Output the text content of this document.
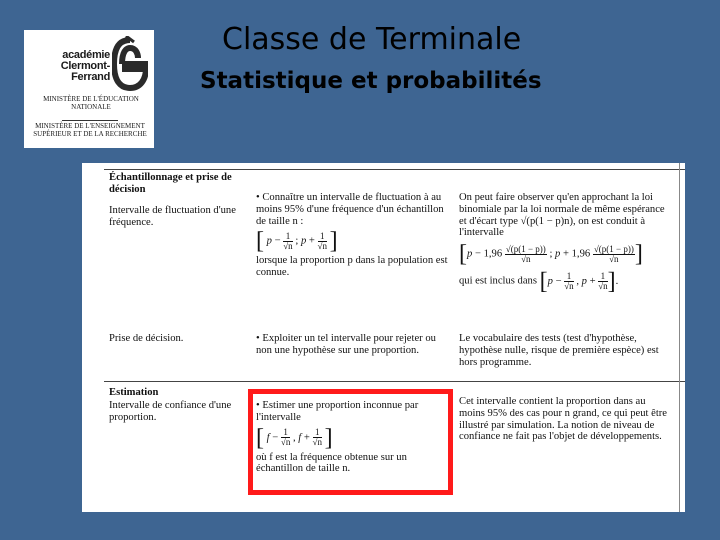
académie
Clermont-Ferrand
MINISTÈRE DE L'ÉDUCATION NATIONALE
MINISTÈRE DE L'ENSEIGNEMENT SUPÉRIEUR ET DE LA RECHERCHE
Classe de Terminale
Statistique et probabilités
Échantillonnage et prise de décision
Intervalle de fluctuation d'une fréquence.
• Connaître un intervalle de fluctuation à au moins 95% d'une fréquence d'un échantillon de taille n :
[ $p - \frac{1}{√n}$ ; $p + \frac{1}{√n}$ ]
lorsque la proportion p dans la population est connue.
On peut faire observer qu'en approchant la loi binomiale par la loi normale de même espérance et d'écart type √(p(1 − p)n), on est conduit à l'intervalle
[$p - 1,96 \frac{√(p(1 - p))}{√n}$ ; $p + 1,96 \frac{√(p(1 - p))}{√n}$ ]
qui est inclus dans [$p - \frac{1}{√n}$ , $p + \frac{1}{√n}$ ].
Prise de décision.	• Exploiter un tel intervalle pour rejeter ou non une hypothèse sur une proportion.
Le vocabulaire des tests (test d'hypothèse, hypothèse nulle, risque de première espèce) est hors programme.
Estimation
Intervalle de confiance d'une proportion.
• Estimer une proportion inconnue par l'intervalle
[ $f - \frac{1}{√n}$ , $f + \frac{1}{√n}$ ]
où f est la fréquence obtenue sur un échantillon de taille n.
Cet intervalle contient la proportion dans au moins 95% des cas pour n grand, ce qui peut être illustré par simulation. La notion de niveau de confiance ne fait pas l'objet de développements.
